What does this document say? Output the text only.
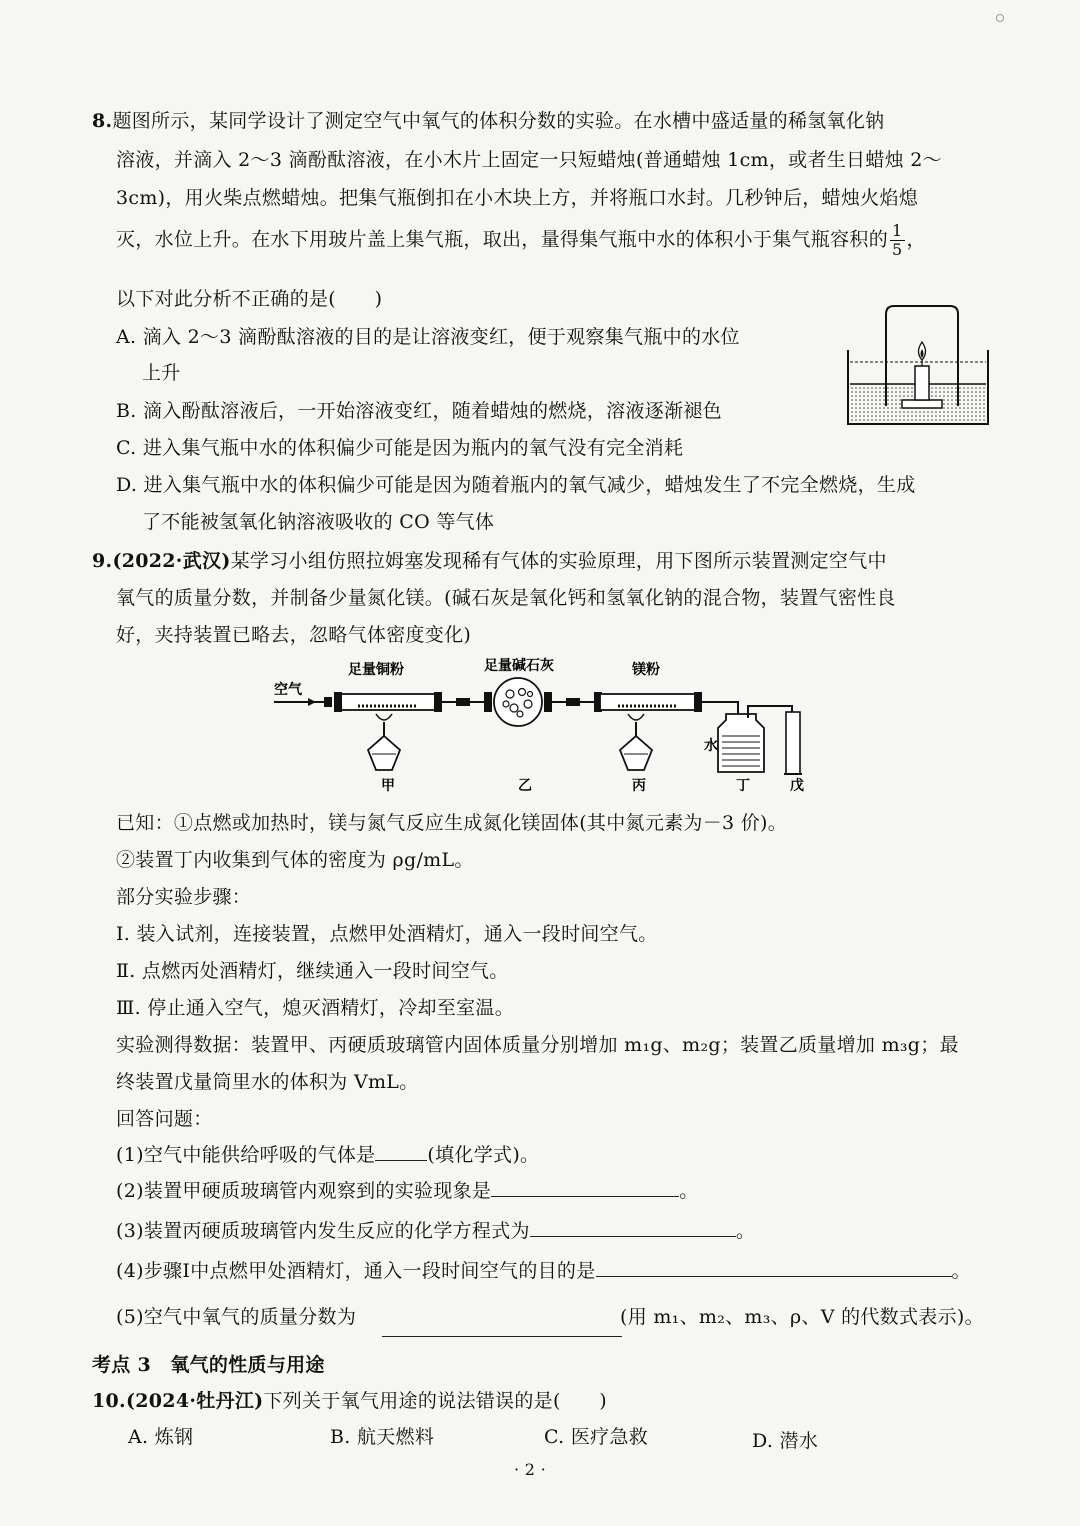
8.题图所示，某同学设计了测定空气中氧气的体积分数的实验。在水槽中盛适量的稀氢氧化钠
溶液，并滴入 2～3 滴酚酞溶液，在小木片上固定一只短蜡烛(普通蜡烛 1cm，或者生日蜡烛 2～
3cm)，用火柴点燃蜡烛。把集气瓶倒扣在小木块上方，并将瓶口水封。几秒钟后，蜡烛火焰熄
灭，水位上升。在水下用玻片盖上集气瓶，取出，量得集气瓶中水的体积小于集气瓶容积的 $\frac{1}{5}$ ，
以下对此分析不正确的是(　　)
A. 滴入 2～3 滴酚酞溶液的目的是让溶液变红，便于观察集气瓶中的水位
上升
B. 滴入酚酞溶液后，一开始溶液变红，随着蜡烛的燃烧，溶液逐渐褪色
C. 进入集气瓶中水的体积偏少可能是因为瓶内的氧气没有完全消耗
D. 进入集气瓶中水的体积偏少可能是因为随着瓶内的氧气减少，蜡烛发生了不完全燃烧，生成
了不能被氢氧化钠溶液吸收的 CO 等气体
9.(2022·武汉)某学习小组仿照拉姆塞发现稀有气体的实验原理，用下图所示装置测定空气中
氧气的质量分数，并制备少量氮化镁。(碱石灰是氧化钙和氢氧化钠的混合物，装置气密性良
好，夹持装置已略去，忽略气体密度变化)
空气
足量铜粉	足量碱石灰	镁粉
水
甲	乙	丙	丁	戊
已知：①点燃或加热时，镁与氮气反应生成氮化镁固体(其中氮元素为－3 价)。
②装置丁内收集到气体的密度为 ρg/mL。
部分实验步骤：
Ⅰ. 装入试剂，连接装置，点燃甲处酒精灯，通入一段时间空气。
Ⅱ. 点燃丙处酒精灯，继续通入一段时间空气。
Ⅲ. 停止通入空气，熄灭酒精灯，冷却至室温。
实验测得数据：装置甲、丙硬质玻璃管内固体质量分别增加 m₁g、m₂g；装置乙质量增加 m₃g；最
终装置戊量筒里水的体积为 VmL。
回答问题：
(1)空气中能供给呼吸的气体是	(填化学式)。
(2)装置甲硬质玻璃管内观察到的实验现象是	。
(3)装置丙硬质玻璃管内发生反应的化学方程式为	。
(4)步骤Ⅰ中点燃甲处酒精灯，通入一段时间空气的目的是	。
(5)空气中氧气的质量分数为	(用 m₁、m₂、m₃、ρ、V 的代数式表示)。
考点 3　氧气的性质与用途
10.(2024·牡丹江)下列关于氧气用途的说法错误的是(　　)
A. 炼钢	B. 航天燃料	C. 医疗急救	D. 潜水
· 2 ·
